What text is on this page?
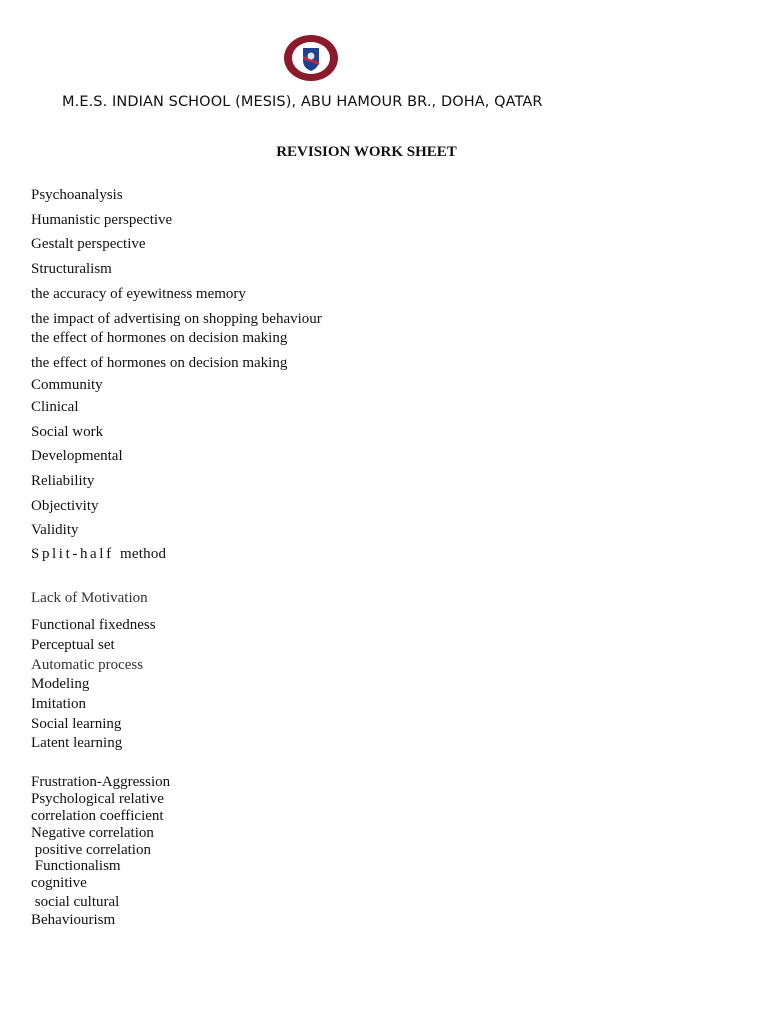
M.E.S. INDIAN SCHOOL (MESIS), ABU HAMOUR BR., DOHA, QATAR
REVISION WORK SHEET
Psychoanalysis
Humanistic perspective
Gestalt perspective
Structuralism
the accuracy of eyewitness memory
the impact of advertising on shopping behaviour
the effect of hormones on decision making
the effect of hormones on decision making
Community
Clinical
Social work
Developmental
Reliability
Objectivity
Validity
Split-half method
Lack of Motivation
Functional fixedness
Perceptual set
Automatic process
Modeling
Imitation
Social learning
Latent learning
Frustration-Aggression
Psychological relative
correlation coefficient
Negative correlation
positive correlation
Functionalism
cognitive
social cultural
Behaviourism
